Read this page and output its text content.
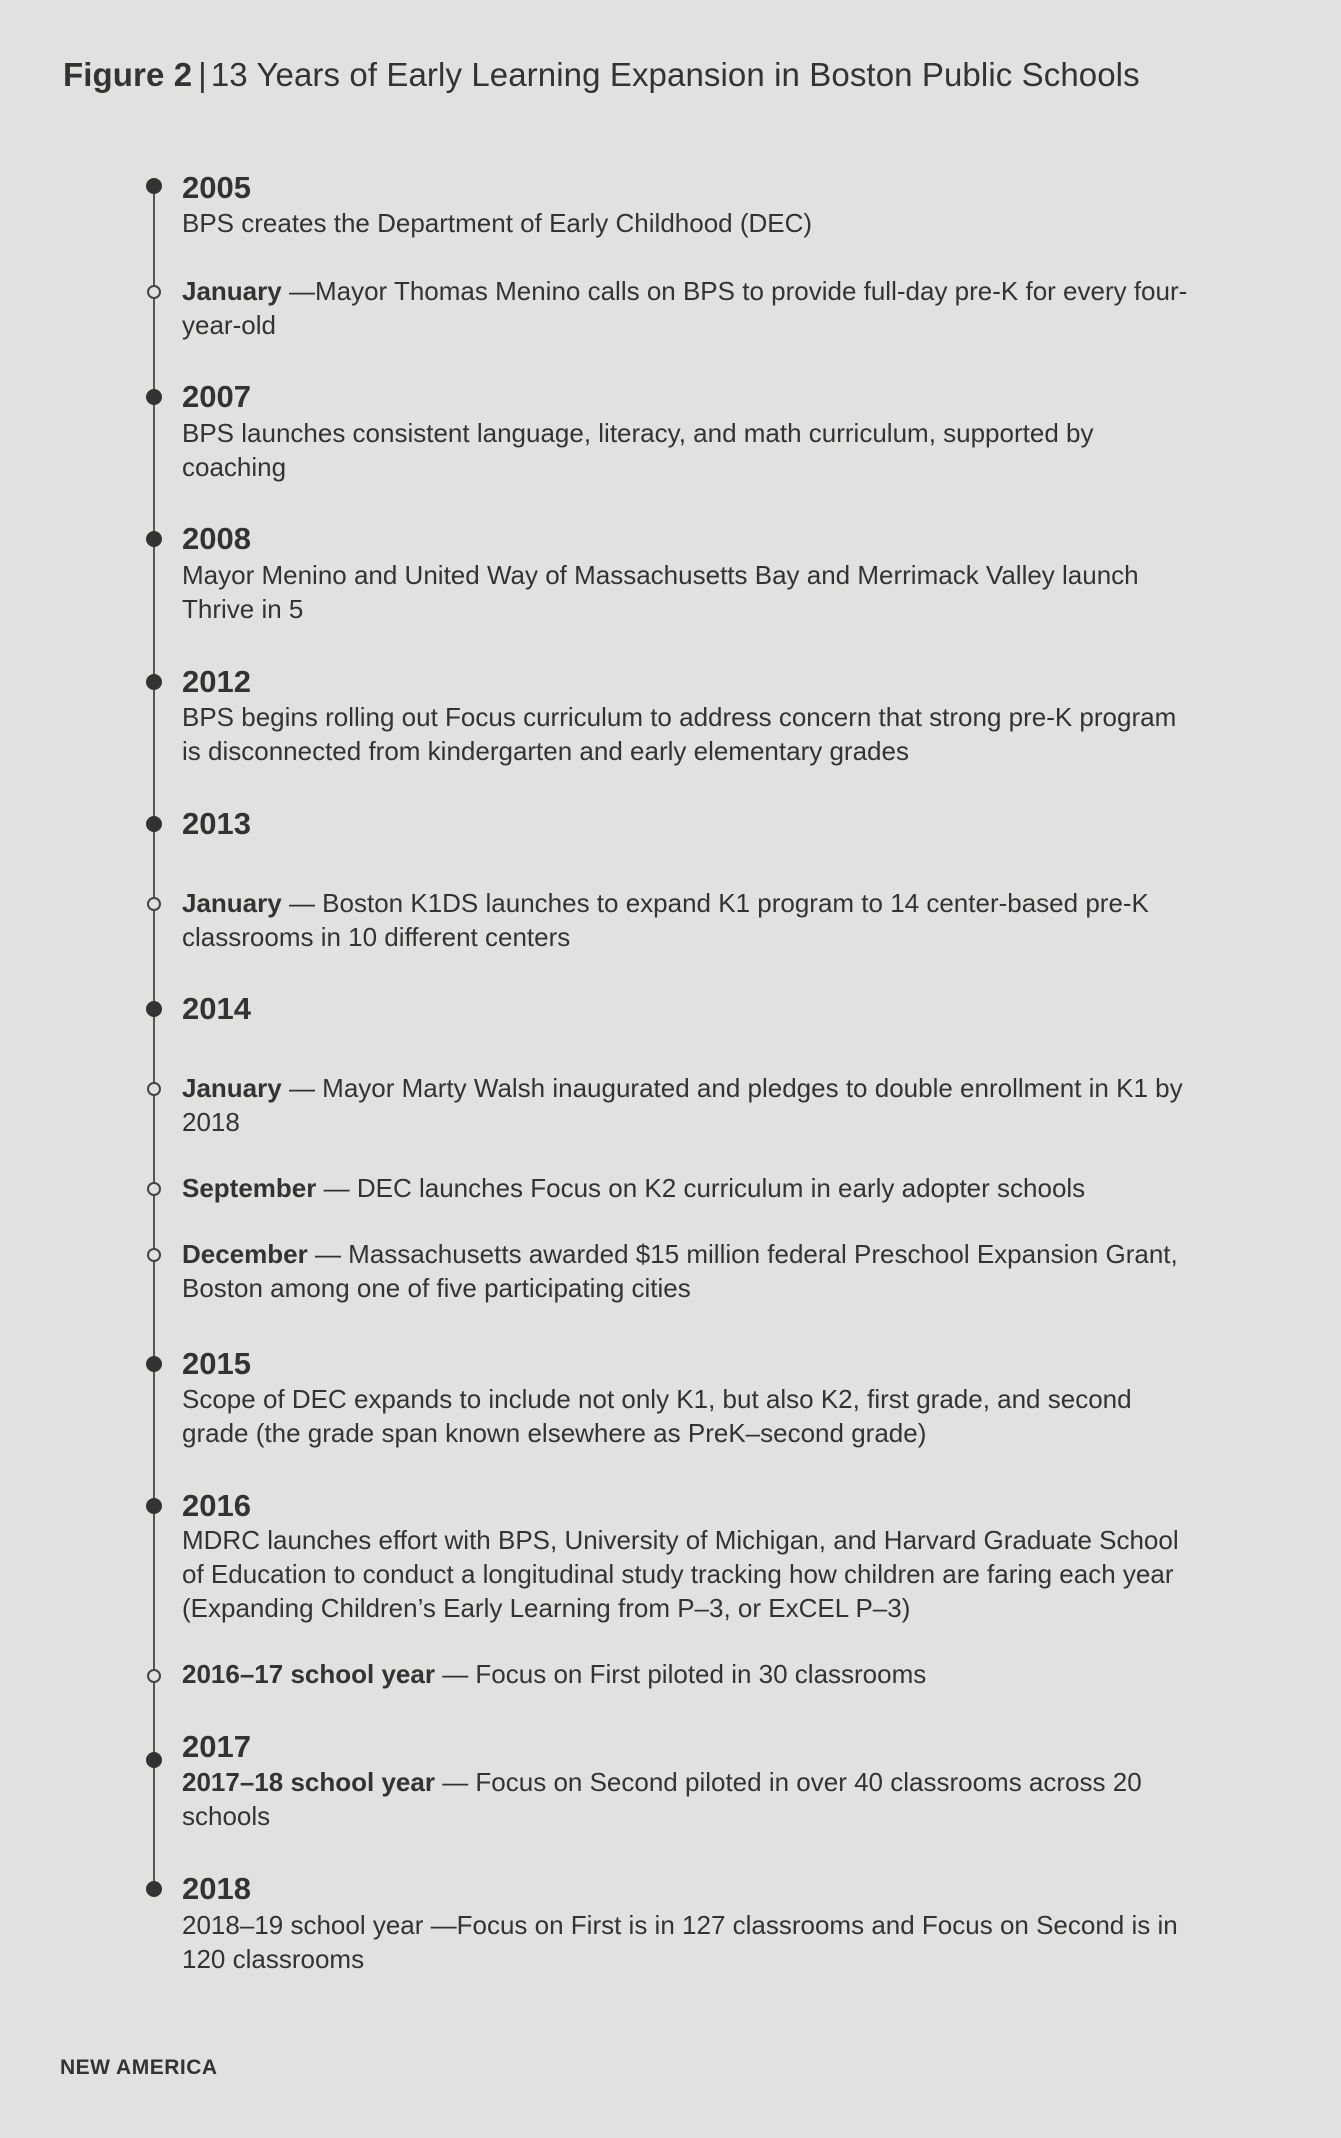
Figure 2 | 13 Years of Early Learning Expansion in Boston Public Schools
2005
BPS creates the Department of Early Childhood (DEC)
January —Mayor Thomas Menino calls on BPS to provide full-day pre-K for every four-year-old
2007
BPS launches consistent language, literacy, and math curriculum, supported by coaching
2008
Mayor Menino and United Way of Massachusetts Bay and Merrimack Valley launch Thrive in 5
2012
BPS begins rolling out Focus curriculum to address concern that strong pre-K program is disconnected from kindergarten and early elementary grades
2013
January — Boston K1DS launches to expand K1 program to 14 center-based pre-K classrooms in 10 different centers
2014
January — Mayor Marty Walsh inaugurated and pledges to double enrollment in K1 by 2018
September — DEC launches Focus on K2 curriculum in early adopter schools
December — Massachusetts awarded $15 million federal Preschool Expansion Grant, Boston among one of five participating cities
2015
Scope of DEC expands to include not only K1, but also K2, first grade, and second grade (the grade span known elsewhere as PreK–second grade)
2016
MDRC launches effort with BPS, University of Michigan, and Harvard Graduate School of Education to conduct a longitudinal study tracking how children are faring each year (Expanding Children’s Early Learning from P–3, or ExCEL P–3)
2016–17 school year — Focus on First piloted in 30 classrooms
2017
2017–18 school year — Focus on Second piloted in over 40 classrooms across 20 schools
2018
2018–19 school year —Focus on First is in 127 classrooms and Focus on Second is in 120 classrooms
NEW AMERICA
